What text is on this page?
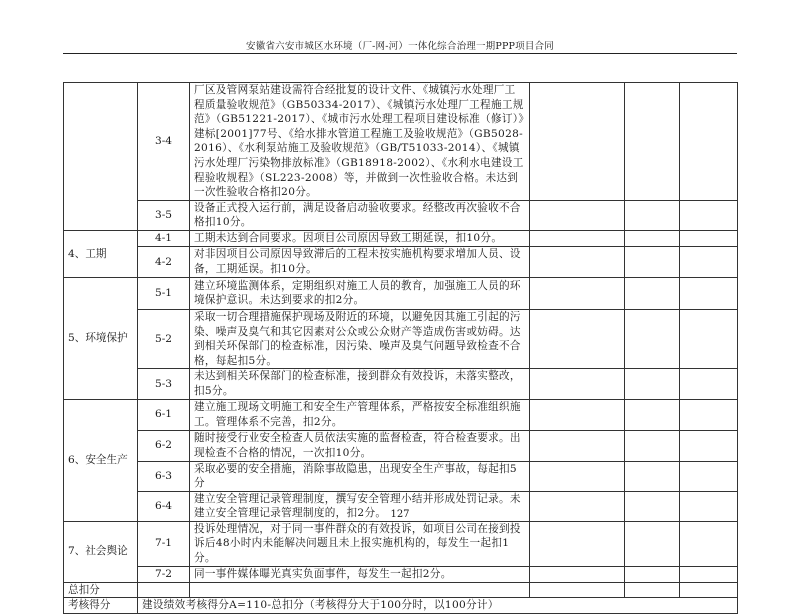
安徽省六安市城区水环境（厂-网-河）一体化综合治理一期PPP项目合同
	3-4	厂区及管网泵站建设需符合经批复的设计文件、《城镇污水处理厂工程质量验收规范》（GB50334-2017）、《城镇污水处理厂工程施工规范》（GB51221-2017）、《城市污水处理工程项目建设标准（修订）》建标[2001]77号、《给水排水管道工程施工及验收规范》（GB5028-2016）、《水利泵站施工及验收规范》（GB/T51033-2014）、《城镇污水处理厂污染物排放标准》（GB18918-2002）、《水利水电建设工程验收规程》（SL223-2008）等，并做到一次性验收合格。未达到一次性验收合格扣20分。			
	3-5	设备正式投入运行前，满足设备启动验收要求。经整改再次验收不合格扣10分。			
4、工期	4-1	工期未达到合同要求。因项目公司原因导致工期延误，扣10分。			
	4-2	对非因项目公司原因导致滞后的工程未按实施机构要求增加人员、设备，工期延误。扣10分。			
5、环境保护	5-1	建立环境监测体系，定期组织对施工人员的教育，加强施工人员的环境保护意识。未达到要求的扣2分。			
	5-2	采取一切合理措施保护现场及附近的环境，以避免因其施工引起的污染、噪声及臭气和其它因素对公众或公众财产等造成伤害或妨碍。达到相关环保部门的检查标准，因污染、噪声及臭气问题导致检查不合格，每起扣5分。			
	5-3	未达到相关环保部门的检查标准，接到群众有效投诉，未落实整改，扣5分。			
6、安全生产	6-1	建立施工现场文明施工和安全生产管理体系，严格按安全标准组织施工。管理体系不完善，扣2分。			
	6-2	随时接受行业安全检查人员依法实施的监督检查，符合检查要求。出现检查不合格的情况，一次扣10分。			
	6-3	采取必要的安全措施，消除事故隐患，出现安全生产事故，每起扣5分			
	6-4	建立安全管理记录管理制度，撰写安全管理小结并形成处罚记录。未建立安全管理记录管理制度的，扣2分。			
7、社会舆论	7-1	投诉处理情况，对于同一事件群众的有效投诉，如项目公司在接到投诉后48小时内未能解决问题且未上报实施机构的，每发生一起扣1分。			
	7-2	同一事件媒体曝光真实负面事件，每发生一起扣2分。			
总扣分					
考核得分	建设绩效考核得分A=110-总扣分（考核得分大于100分时，以100分计）				
127
